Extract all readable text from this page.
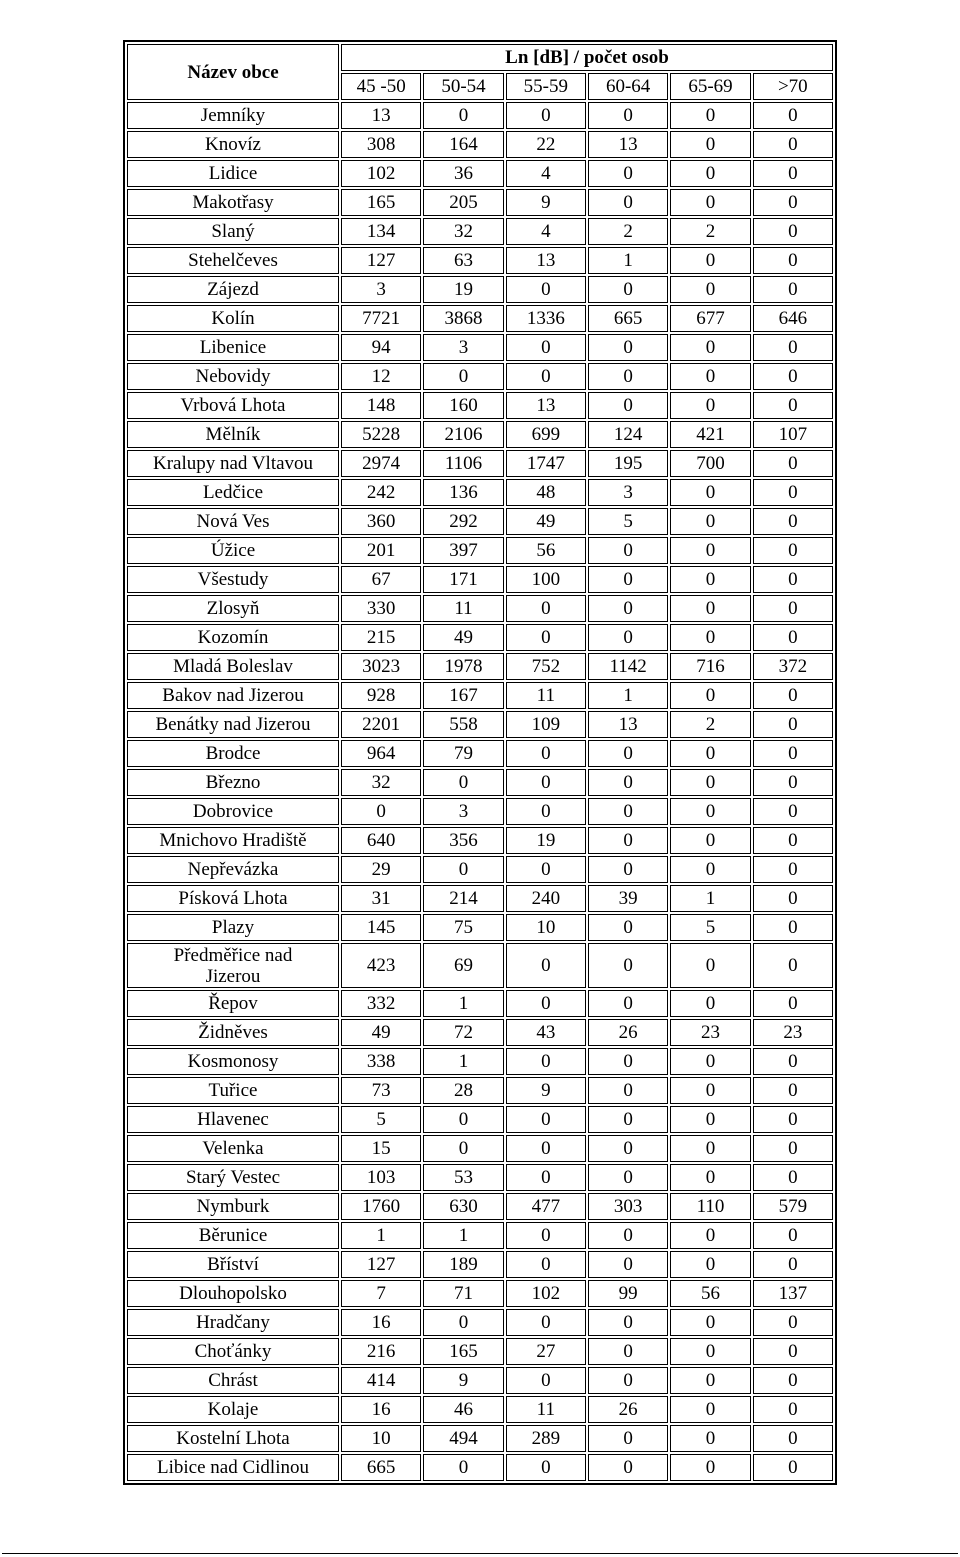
Název obce	Ln [dB] / počet osob					
	45 -50	50-54	55-59	60-64	65-69	>70
Jemníky	13	0	0	0	0	0
Knovíz	308	164	22	13	0	0
Lidice	102	36	4	0	0	0
Makotřasy	165	205	9	0	0	0
Slaný	134	32	4	2	2	0
Stehelčeves	127	63	13	1	0	0
Zájezd	3	19	0	0	0	0
Kolín	7721	3868	1336	665	677	646
Libenice	94	3	0	0	0	0
Nebovidy	12	0	0	0	0	0
Vrbová Lhota	148	160	13	0	0	0
Mělník	5228	2106	699	124	421	107
Kralupy nad Vltavou	2974	1106	1747	195	700	0
Ledčice	242	136	48	3	0	0
Nová Ves	360	292	49	5	0	0
Úžice	201	397	56	0	0	0
Všestudy	67	171	100	0	0	0
Zlosyň	330	11	0	0	0	0
Kozomín	215	49	0	0	0	0
Mladá Boleslav	3023	1978	752	1142	716	372
Bakov nad Jizerou	928	167	11	1	0	0
Benátky nad Jizerou	2201	558	109	13	2	0
Brodce	964	79	0	0	0	0
Březno	32	0	0	0	0	0
Dobrovice	0	3	0	0	0	0
Mnichovo Hradiště	640	356	19	0	0	0
Nepřevázka	29	0	0	0	0	0
Písková Lhota	31	214	240	39	1	0
Plazy	145	75	10	0	5	0
Předměřice nad Jizerou	423	69	0	0	0	0
Řepov	332	1	0	0	0	0
Židněves	49	72	43	26	23	23
Kosmonosy	338	1	0	0	0	0
Tuřice	73	28	9	0	0	0
Hlavenec	5	0	0	0	0	0
Velenka	15	0	0	0	0	0
Starý Vestec	103	53	0	0	0	0
Nymburk	1760	630	477	303	110	579
Běrunice	1	1	0	0	0	0
Bříství	127	189	0	0	0	0
Dlouhopolsko	7	71	102	99	56	137
Hradčany	16	0	0	0	0	0
Choťánky	216	165	27	0	0	0
Chrást	414	9	0	0	0	0
Kolaje	16	46	11	26	0	0
Kostelní Lhota	10	494	289	0	0	0
Libice nad Cidlinou	665	0	0	0	0	0
